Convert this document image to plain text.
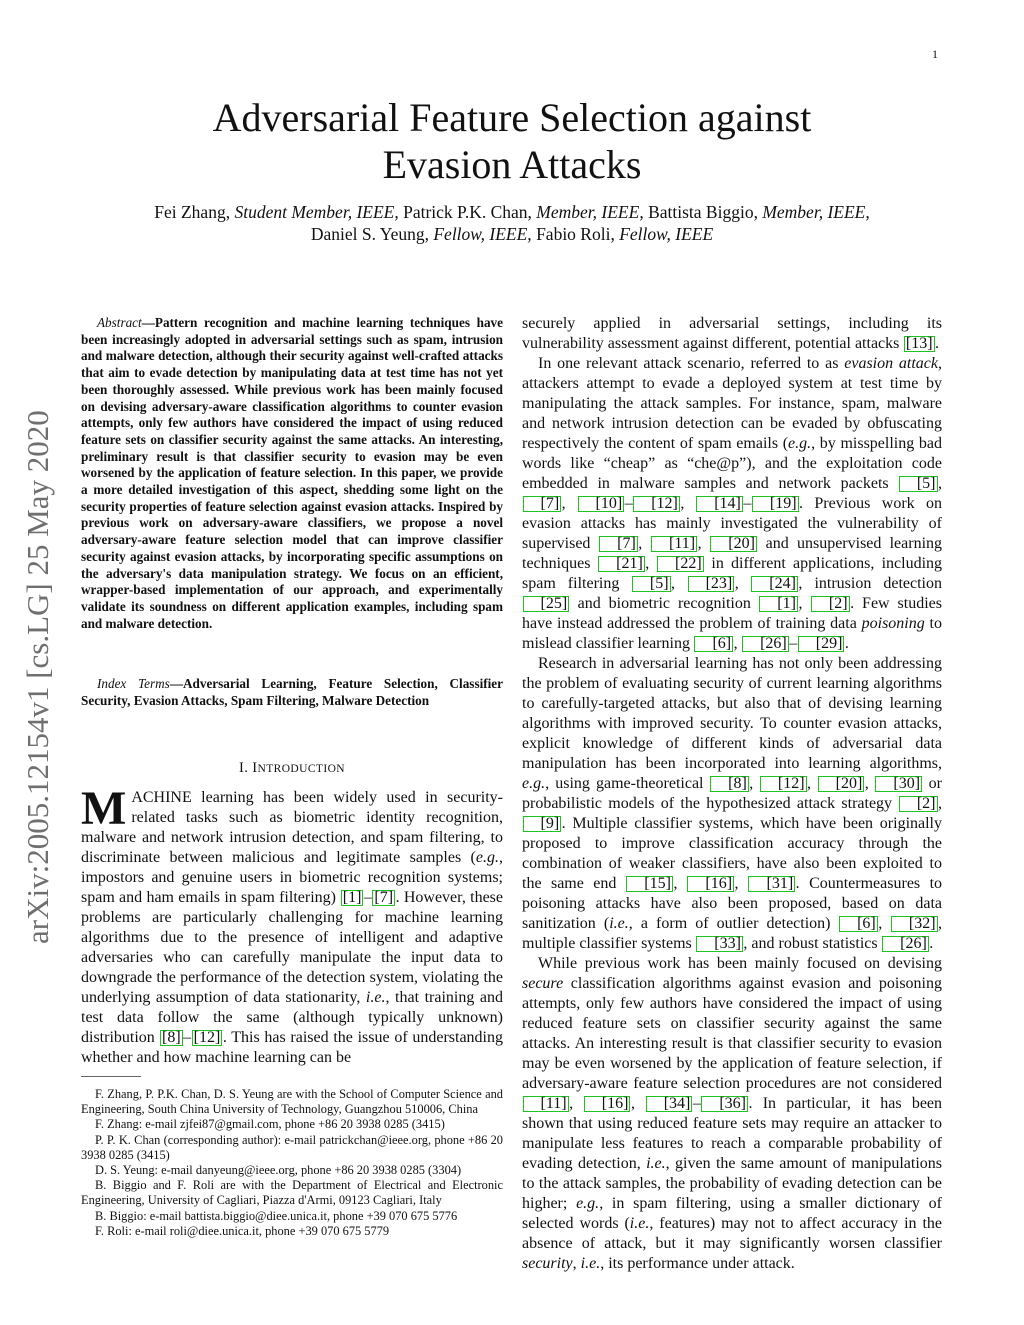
1
arXiv:2005.12154v1 [cs.LG] 25 May 2020
Adversarial Feature Selection against
Evasion Attacks
Fei Zhang, Student Member, IEEE, Patrick P.K. Chan, Member, IEEE, Battista Biggio, Member, IEEE,
Daniel S. Yeung, Fellow, IEEE, Fabio Roli, Fellow, IEEE

Abstract—Pattern recognition and machine learning techniques have been increasingly adopted in adversarial settings such as spam, intrusion and malware detection, although their security against well-crafted attacks that aim to evade detection by manipulating data at test time has not yet been thoroughly assessed. While previous work has been mainly focused on devising adversary-aware classification algorithms to counter evasion attempts, only few authors have considered the impact of using reduced feature sets on classifier security against the same attacks. An interesting, preliminary result is that classifier security to evasion may be even worsened by the application of feature selection. In this paper, we provide a more detailed investigation of this aspect, shedding some light on the security properties of feature selection against evasion attacks. Inspired by previous work on adversary-aware classifiers, we propose a novel adversary-aware feature selection model that can improve classifier security against evasion attacks, by incorporating specific assumptions on the adversary's data manipulation strategy. We focus on an efficient, wrapper-based implementation of our approach, and experimentally validate its soundness on different application examples, including spam and malware detection.

Index Terms—Adversarial Learning, Feature Selection, Classifier Security, Evasion Attacks, Spam Filtering, Malware Detection

I. INTRODUCTION

MACHINE learning has been widely used in security-related tasks such as biometric identity recognition, malware and network intrusion detection, and spam filtering, to discriminate between malicious and legitimate samples (e.g., impostors and genuine users in biometric recognition systems; spam and ham emails in spam filtering) [1] – [7] . However, these problems are particularly challenging for machine learning algorithms due to the presence of intelligent and adaptive adversaries who can carefully manipulate the input data to downgrade the performance of the detection system, violating the underlying assumption of data stationarity, i.e., that training and test data follow the same (although typically unknown) distribution [8] – [12] . This has raised the issue of understanding whether and how machine learning can be

F. Zhang, P. P.K. Chan, D. S. Yeung are with the School of Computer Science and Engineering, South China University of Technology, Guangzhou 510006, China

F. Zhang: e-mail zjfei87@gmail.com, phone +86 20 3938 0285 (3415)

P. P. K. Chan (corresponding author): e-mail patrickchan@ieee.org, phone +86 20 3938 0285 (3415)

D. S. Yeung: e-mail danyeung@ieee.org, phone +86 20 3938 0285 (3304)

B. Biggio and F. Roli are with the Department of Electrical and Electronic Engineering, University of Cagliari, Piazza d'Armi, 09123 Cagliari, Italy

B. Biggio: e-mail battista.biggio@diee.unica.it, phone +39 070 675 5776

F. Roli: e-mail roli@diee.unica.it, phone +39 070 675 5779

securely applied in adversarial settings, including its vulnerability assessment against different, potential attacks [13] .

In one relevant attack scenario, referred to as evasion attack, attackers attempt to evade a deployed system at test time by manipulating the attack samples. For instance, spam, malware and network intrusion detection can be evaded by obfuscating respectively the content of spam emails (e.g., by misspelling bad words like “cheap” as “che@p”), and the exploitation code embedded in malware samples and network packets [5] , [7] , [10] – [12] , [14] – [19] . Previous work on evasion attacks has mainly investigated the vulnerability of supervised [7] , [11] , [20] and unsupervised learning techniques [21] , [22] in different applications, including spam filtering [5] , [23] , [24] , intrusion detection [25] and biometric recognition [1] , [2] . Few studies have instead addressed the problem of training data poisoning to mislead classifier learning [6] , [26] – [29] .

Research in adversarial learning has not only been addressing the problem of evaluating security of current learning algorithms to carefully-targeted attacks, but also that of devising learning algorithms with improved security. To counter evasion attacks, explicit knowledge of different kinds of adversarial data manipulation has been incorporated into learning algorithms, e.g., using game-theoretical [8] , [12] , [20] , [30] or probabilistic models of the hypothesized attack strategy [2] , [9] . Multiple classifier systems, which have been originally proposed to improve classification accuracy through the combination of weaker classifiers, have also been exploited to the same end [15] , [16] , [31] . Countermeasures to poisoning attacks have also been proposed, based on data sanitization (i.e., a form of outlier detection) [6] , [32] , multiple classifier systems [33] , and robust statistics [26] .

While previous work has been mainly focused on devising secure classification algorithms against evasion and poisoning attempts, only few authors have considered the impact of using reduced feature sets on classifier security against the same attacks. An interesting result is that classifier security to evasion may be even worsened by the application of feature selection, if adversary-aware feature selection procedures are not considered [11] , [16] , [34] – [36] . In particular, it has been shown that using reduced feature sets may require an attacker to manipulate less features to reach a comparable probability of evading detection, i.e., given the same amount of manipulations to the attack samples, the probability of evading detection can be higher; e.g., in spam filtering, using a smaller dictionary of selected words (i.e., features) may not to affect accuracy in the absence of attack, but it may significantly worsen classifier security, i.e., its performance under attack.
